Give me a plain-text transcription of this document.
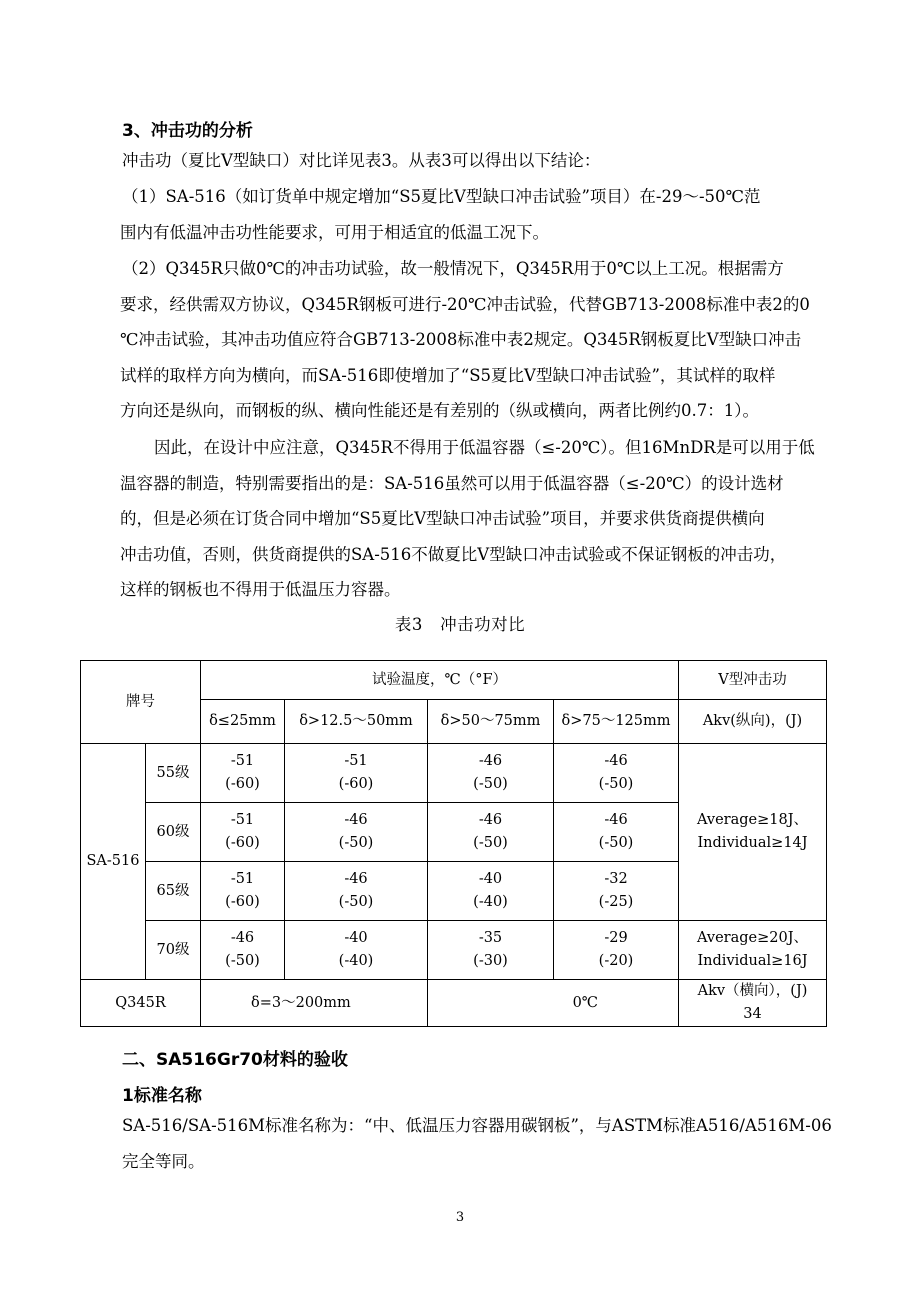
3、冲击功的分析
冲击功（夏比V型缺口）对比详见表3。从表3可以得出以下结论：
（1）SA-516（如订货单中规定增加“S5夏比V型缺口冲击试验”项目）在-29～-50℃范
围内有低温冲击功性能要求，可用于相适宜的低温工况下。
（2）Q345R只做0℃的冲击功试验，故一般情况下，Q345R用于0℃以上工况。根据需方
要求，经供需双方协议，Q345R钢板可进行-20℃冲击试验，代替GB713-2008标准中表2的0
℃冲击试验，其冲击功值应符合GB713-2008标准中表2规定。Q345R钢板夏比V型缺口冲击
试样的取样方向为横向，而SA-516即使增加了“S5夏比V型缺口冲击试验”，其试样的取样
方向还是纵向，而钢板的纵、横向性能还是有差别的（纵或横向，两者比例约0.7：1）。
因此，在设计中应注意，Q345R不得用于低温容器（≤-20℃）。但16MnDR是可以用于低
温容器的制造，特别需要指出的是：SA-516虽然可以用于低温容器（≤-20℃）的设计选材
的，但是必须在订货合同中增加“S5夏比V型缺口冲击试验”项目，并要求供货商提供横向
冲击功值，否则，供货商提供的SA-516不做夏比V型缺口冲击试验或不保证钢板的冲击功，
这样的钢板也不得用于低温压力容器。
表3   冲击功对比
牌号		试验温度，℃（°F）				V型冲击功
		δ≤25mm	δ>12.5～50mm	δ>50～75mm	δ>75～125mm	Akv(纵向)，(J)
SA-516	55级	-51
(-60)	-51
(-60)	-46
(-50)	-46
(-50)	Average≥18J、
Individual≥14J

	60级	-51
(-60)	-46
(-50)	-46
(-50)	-46
(-50)	

	65级	-51
(-60)	-46
(-50)	-40
(-40)	-32
(-25)	

	70级	-46
(-50)	-40
(-40)	-35
(-30)	-29
(-20)	Average≥20J、
Individual≥16J

Q345R		δ=3～200mm		0℃		Akv（横向），(J)
34
二、SA516Gr70材料的验收
1标准名称
SA-516/SA-516M标准名称为：“中、低温压力容器用碳钢板”，与ASTM标准A516/A516M-06
完全等同。
3
